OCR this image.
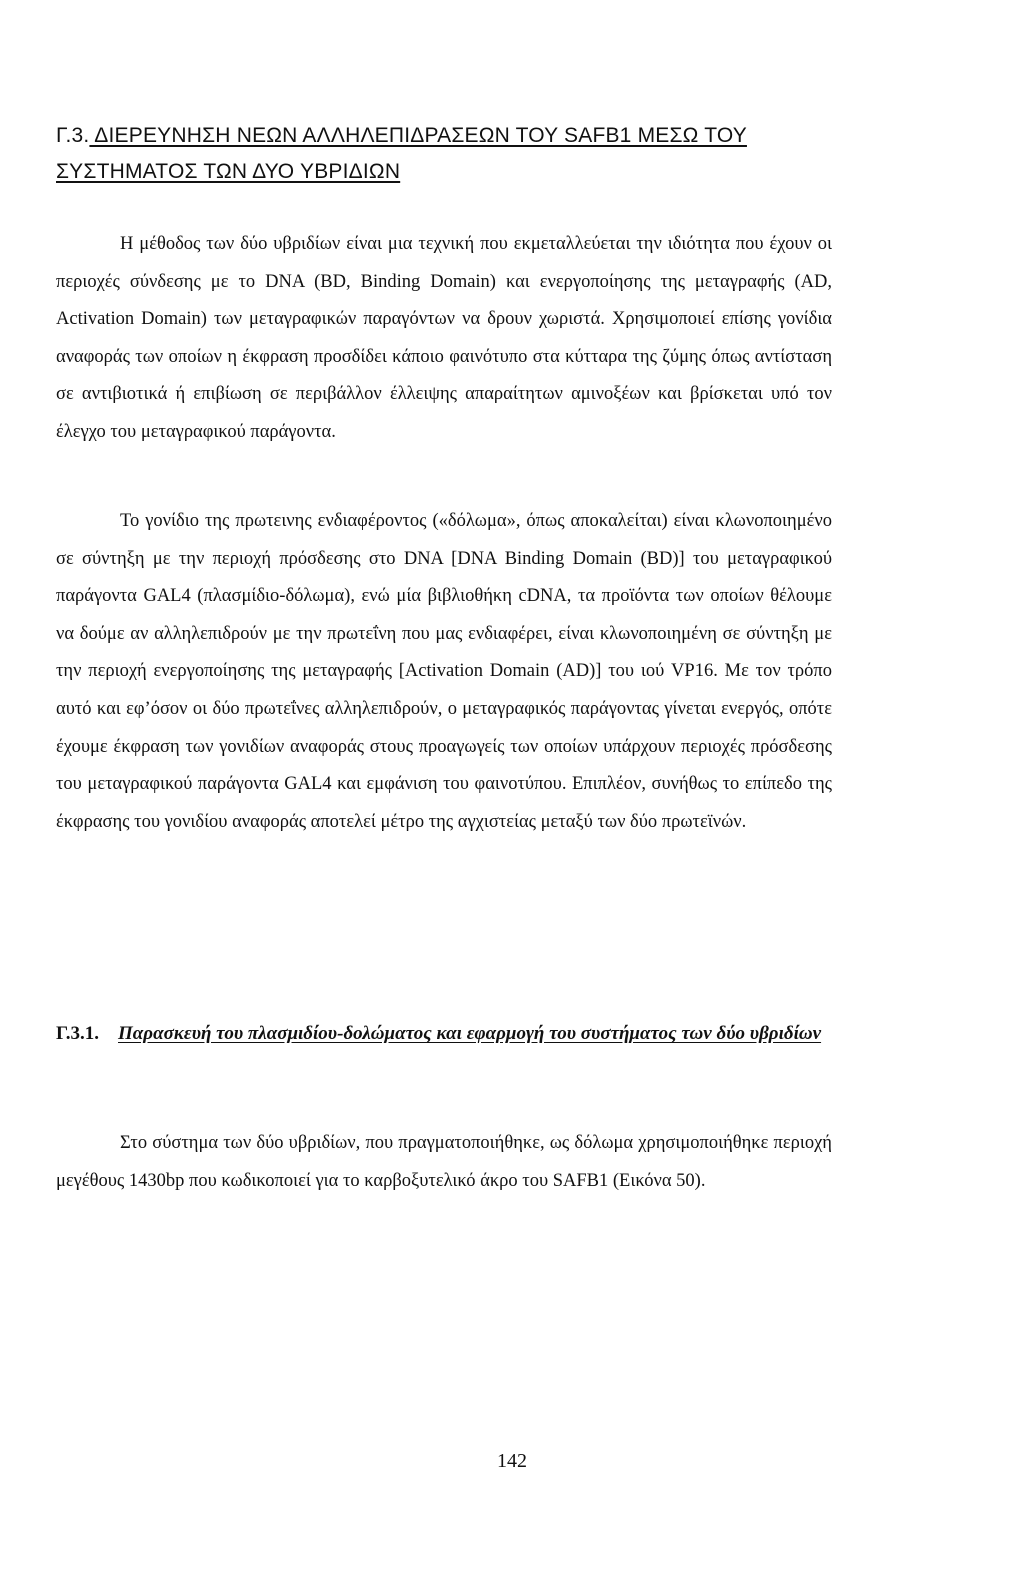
Γ.3. ΔΙΕΡΕΥΝΗΣΗ ΝΕΩΝ ΑΛΛΗΛΕΠΙΔΡΑΣΕΩΝ ΤΟΥ SAFB1 ΜΕΣΩ ΤΟΥ ΣΥΣΤΗΜΑΤΟΣ ΤΩΝ ΔΥΟ ΥΒΡΙΔΙΩΝ

Η μέθοδος των δύο υβριδίων είναι μια τεχνική που εκμεταλλεύεται την ιδιότητα που έχουν οι περιοχές σύνδεσης με το DNA (BD, Binding Domain) και ενεργοποίησης της μεταγραφής (AD, Activation Domain) των μεταγραφικών παραγόντων να δρουν χωριστά. Χρησιμοποιεί επίσης γονίδια αναφοράς των οποίων η έκφραση προσδίδει κάποιο φαινότυπο στα κύτταρα της ζύμης όπως αντίσταση σε αντιβιοτικά ή επιβίωση σε περιβάλλον έλλειψης απαραίτητων αμινοξέων και βρίσκεται υπό τον έλεγχο του μεταγραφικού παράγοντα.

Το γονίδιο της πρωτεινης ενδιαφέροντος («δόλωμα», όπως αποκαλείται) είναι κλωνοποιημένο σε σύντηξη με την περιοχή πρόσδεσης στο DNA [DNA Binding Domain (BD)] του μεταγραφικού παράγοντα GAL4 (πλασμίδιο-δόλωμα), ενώ μία βιβλιοθήκη cDNA, τα προϊόντα των οποίων θέλουμε να δούμε αν αλληλεπιδρούν με την πρωτεΐνη που μας ενδιαφέρει, είναι κλωνοποιημένη σε σύντηξη με την περιοχή ενεργοποίησης της μεταγραφής [Activation Domain (AD)] του ιού VP16. Με τον τρόπο αυτό και εφ’όσον οι δύο πρωτεΐνες αλληλεπιδρούν, ο μεταγραφικός παράγοντας γίνεται ενεργός, οπότε έχουμε έκφραση των γονιδίων αναφοράς στους προαγωγείς των οποίων υπάρχουν περιοχές πρόσδεσης του μεταγραφικού παράγοντα GAL4 και εμφάνιση του φαινοτύπου. Επιπλέον, συνήθως το επίπεδο της έκφρασης του γονιδίου αναφοράς αποτελεί μέτρο της αγχιστείας μεταξύ των δύο πρωτεϊνών.

Γ.3.1. Παρασκευή του πλασμιδίου-δολώματος και εφαρμογή του συστήματος των δύο υβριδίων

Στο σύστημα των δύο υβριδίων, που πραγματοποιήθηκε, ως δόλωμα χρησιμοποιήθηκε περιοχή μεγέθους 1430bp που κωδικοποιεί για το καρβοξυτελικό άκρο του SAFB1 (Εικόνα 50).

142
